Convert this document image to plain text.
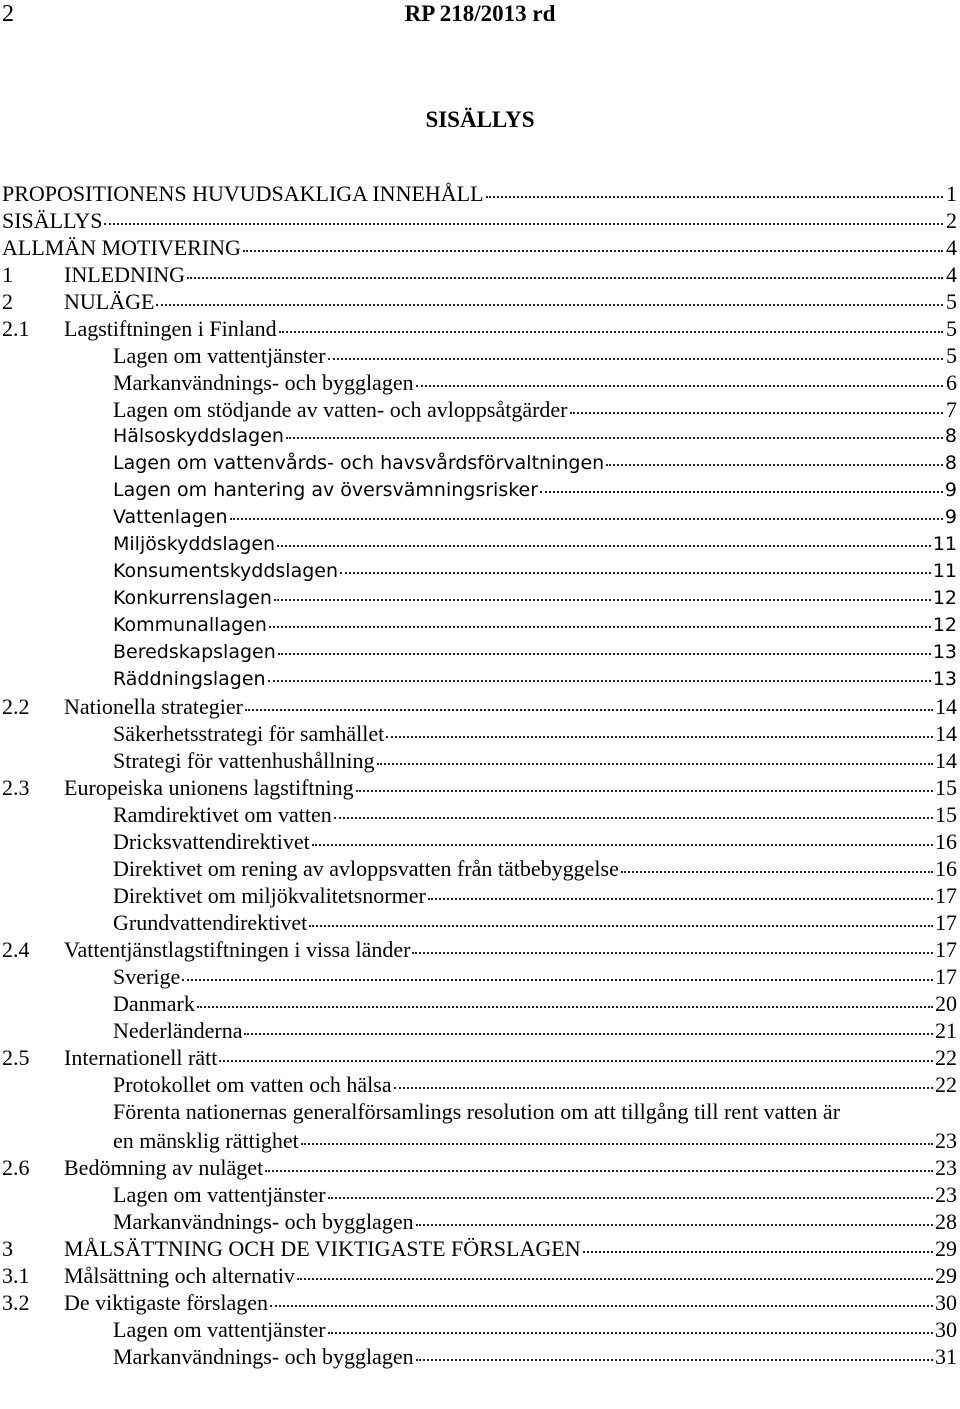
2	RP 218/2013 rd
SISÄLLYS
PROPOSITIONENS HUVUDSAKLIGA INNEHÅLL	1
SISÄLLYS	2
ALLMÄN MOTIVERING	4
1	INLEDNING	4
2	NULÄGE	5
2.1	Lagstiftningen i Finland	5
Lagen om vattentjänster	5
Markanvändnings- och bygglagen	6
Lagen om stödjande av vatten- och avloppsåtgärder	7
Hälsoskyddslagen	8
Lagen om vattenvårds- och havsvårdsförvaltningen	8
Lagen om hantering av översvämningsrisker	9
Vattenlagen	9
Miljöskyddslagen	11
Konsumentskyddslagen	11
Konkurrenslagen	12
Kommunallagen	12
Beredskapslagen	13
Räddningslagen	13
2.2	Nationella strategier	14
Säkerhetsstrategi för samhället	14
Strategi för vattenhushållning	14
2.3	Europeiska unionens lagstiftning	15
Ramdirektivet om vatten	15
Dricksvattendirektivet	16
Direktivet om rening av avloppsvatten från tätbebyggelse	16
Direktivet om miljökvalitetsnormer	17
Grundvattendirektivet	17
2.4	Vattentjänstlagstiftningen i vissa länder	17
Sverige	17
Danmark	20
Nederländerna	21
2.5	Internationell rätt	22
Protokollet om vatten och hälsa	22
Förenta nationernas generalförsamlings resolution om att tillgång till rent vatten är
en mänsklig rättighet	23
2.6	Bedömning av nuläget	23
Lagen om vattentjänster	23
Markanvändnings- och bygglagen	28
3	MÅLSÄTTNING OCH DE VIKTIGASTE FÖRSLAGEN	29
3.1	Målsättning och alternativ	29
3.2	De viktigaste förslagen	30
Lagen om vattentjänster	30
Markanvändnings- och bygglagen	31
